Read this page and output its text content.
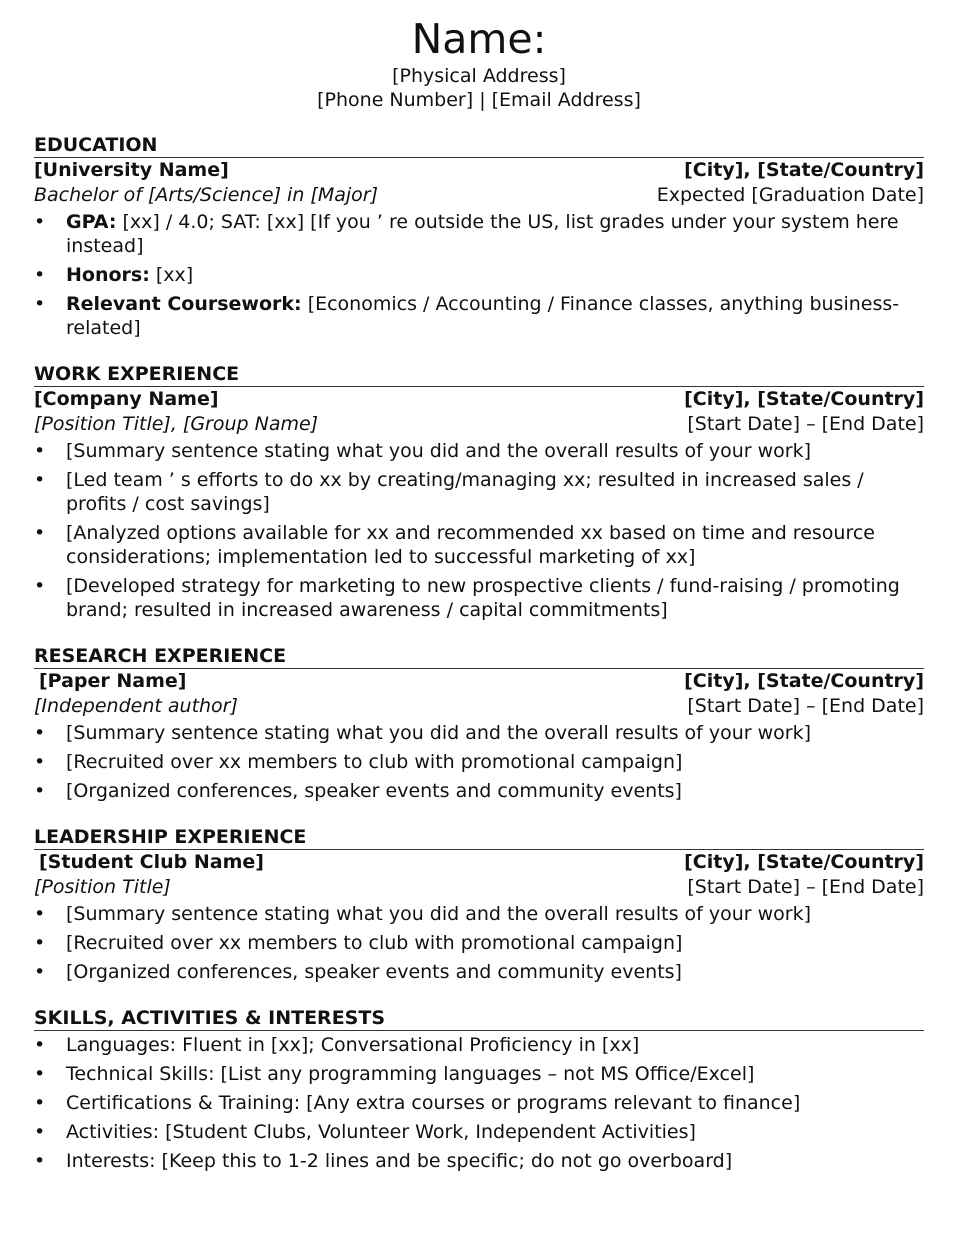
Name:
[Physical Address]
[Phone Number] | [Email Address]
EDUCATION
[University Name]	[City], [State/Country]
Bachelor of [Arts/Science] in [Major]	Expected [Graduation Date]
• GPA: [xx] / 4.0; SAT: [xx] [If you ’ re outside the US, list grades under your system here instead]
• Honors: [xx]
• Relevant Coursework: [Economics / Accounting / Finance classes, anything business-related]
WORK EXPERIENCE
[Company Name]	[City], [State/Country]
[Position Title], [Group Name]	[Start Date] – [End Date]
• [Summary sentence stating what you did and the overall results of your work]
• [Led team ’ s efforts to do xx by creating/managing xx; resulted in increased sales / profits / cost savings]
• [Analyzed options available for xx and recommended xx based on time and resource considerations; implementation led to successful marketing of xx]
• [Developed strategy for marketing to new prospective clients / fund-raising / promoting brand; resulted in increased awareness / capital commitments]
RESEARCH EXPERIENCE
[Paper Name]	[City], [State/Country]
[Independent author]	[Start Date] – [End Date]
• [Summary sentence stating what you did and the overall results of your work]
• [Recruited over xx members to club with promotional campaign]
• [Organized conferences, speaker events and community events]
LEADERSHIP EXPERIENCE
[Student Club Name]	[City], [State/Country]
[Position Title]	[Start Date] – [End Date]
• [Summary sentence stating what you did and the overall results of your work]
• [Recruited over xx members to club with promotional campaign]
• [Organized conferences, speaker events and community events]
SKILLS, ACTIVITIES & INTERESTS
• Languages: Fluent in [xx]; Conversational Proficiency in [xx]
• Technical Skills: [List any programming languages – not MS Office/Excel]
• Certifications & Training: [Any extra courses or programs relevant to finance]
• Activities: [Student Clubs, Volunteer Work, Independent Activities]
• Interests: [Keep this to 1-2 lines and be specific; do not go overboard]
